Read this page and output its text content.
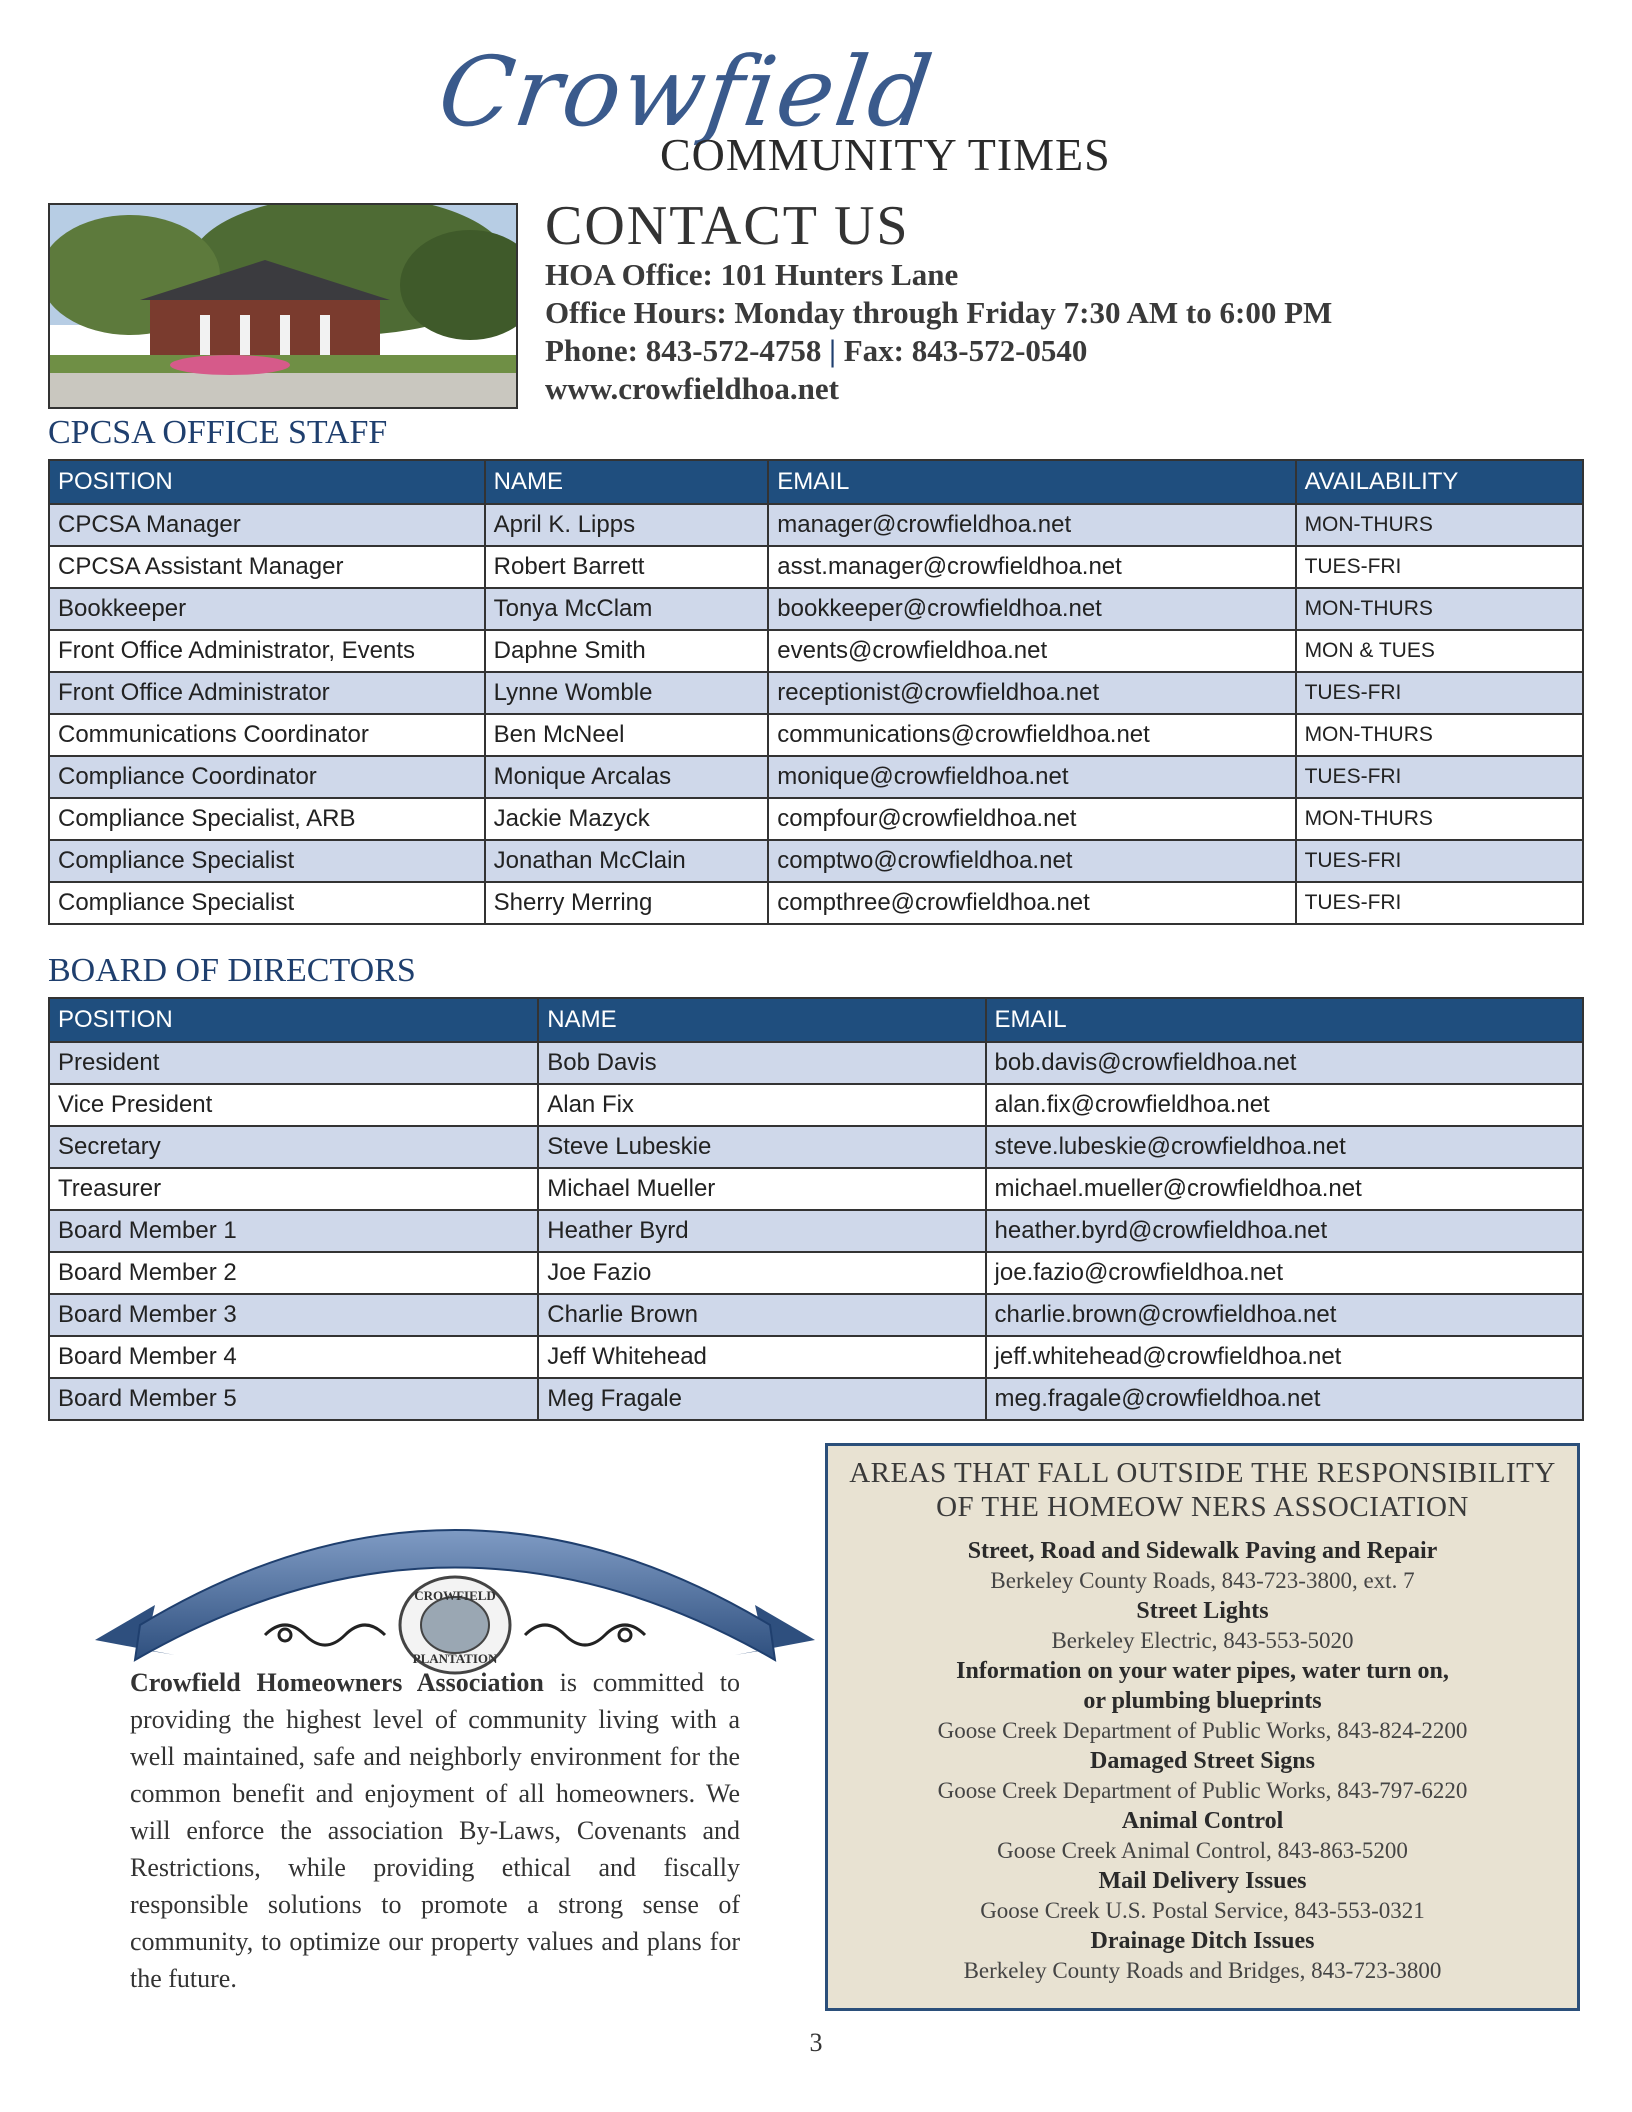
Crowfield
COMMUNITY TIMES
CONTACT US
HOA Office: 101 Hunters Lane
Office Hours: Monday through Friday 7:30 AM to 6:00 PM
Phone: 843-572-4758 | Fax: 843-572-0540
www.crowfieldhoa.net
CPCSA OFFICE STAFF
POSITION	NAME	EMAIL	AVAILABILITY
CPCSA Manager	April K. Lipps	manager@crowfieldhoa.net	MON-THURS
CPCSA Assistant Manager	Robert Barrett	asst.manager@crowfieldhoa.net	TUES-FRI
Bookkeeper	Tonya McClam	bookkeeper@crowfieldhoa.net	MON-THURS
Front Office Administrator, Events	Daphne Smith	events@crowfieldhoa.net	MON & TUES
Front Office Administrator	Lynne Womble	receptionist@crowfieldhoa.net	TUES-FRI
Communications Coordinator	Ben McNeel	communications@crowfieldhoa.net	MON-THURS
Compliance Coordinator	Monique Arcalas	monique@crowfieldhoa.net	TUES-FRI
Compliance Specialist, ARB	Jackie Mazyck	compfour@crowfieldhoa.net	MON-THURS
Compliance Specialist	Jonathan McClain	comptwo@crowfieldhoa.net	TUES-FRI
Compliance Specialist	Sherry Merring	compthree@crowfieldhoa.net	TUES-FRI
BOARD OF DIRECTORS
POSITION	NAME	EMAIL
President	Bob Davis	bob.davis@crowfieldhoa.net
Vice President	Alan Fix	alan.fix@crowfieldhoa.net
Secretary	Steve Lubeskie	steve.lubeskie@crowfieldhoa.net
Treasurer	Michael Mueller	michael.mueller@crowfieldhoa.net
Board Member 1	Heather Byrd	heather.byrd@crowfieldhoa.net
Board Member 2	Joe Fazio	joe.fazio@crowfieldhoa.net
Board Member 3	Charlie Brown	charlie.brown@crowfieldhoa.net
Board Member 4	Jeff Whitehead	jeff.whitehead@crowfieldhoa.net
Board Member 5	Meg Fragale	meg.fragale@crowfieldhoa.net
CROWFIELD HOA MISSION STATEMENT
CROWFIELD
PLANTATION
Crowfield Homeowners Association is committed to providing the highest level of community living with a well maintained, safe and neighborly environment for the common benefit and enjoyment of all homeowners. We will enforce the association By-Laws, Covenants and Restrictions, while providing ethical and fiscally responsible solutions to promote a strong sense of community, to optimize our property values and plans for the future.
AREAS THAT FALL OUTSIDE THE RESPONSIBILITY
OF THE HOMEOW NERS ASSOCIATION
Street, Road and Sidewalk Paving and Repair
Berkeley County Roads, 843-723-3800, ext. 7
Street Lights
Berkeley Electric, 843-553-5020
Information on your water pipes, water turn on,
or plumbing blueprints
Goose Creek Department of Public Works, 843-824-2200
Damaged Street Signs
Goose Creek Department of Public Works, 843-797-6220
Animal Control
Goose Creek Animal Control, 843-863-5200
Mail Delivery Issues
Goose Creek U.S. Postal Service, 843-553-0321
Drainage Ditch Issues
Berkeley County Roads and Bridges, 843-723-3800
3
